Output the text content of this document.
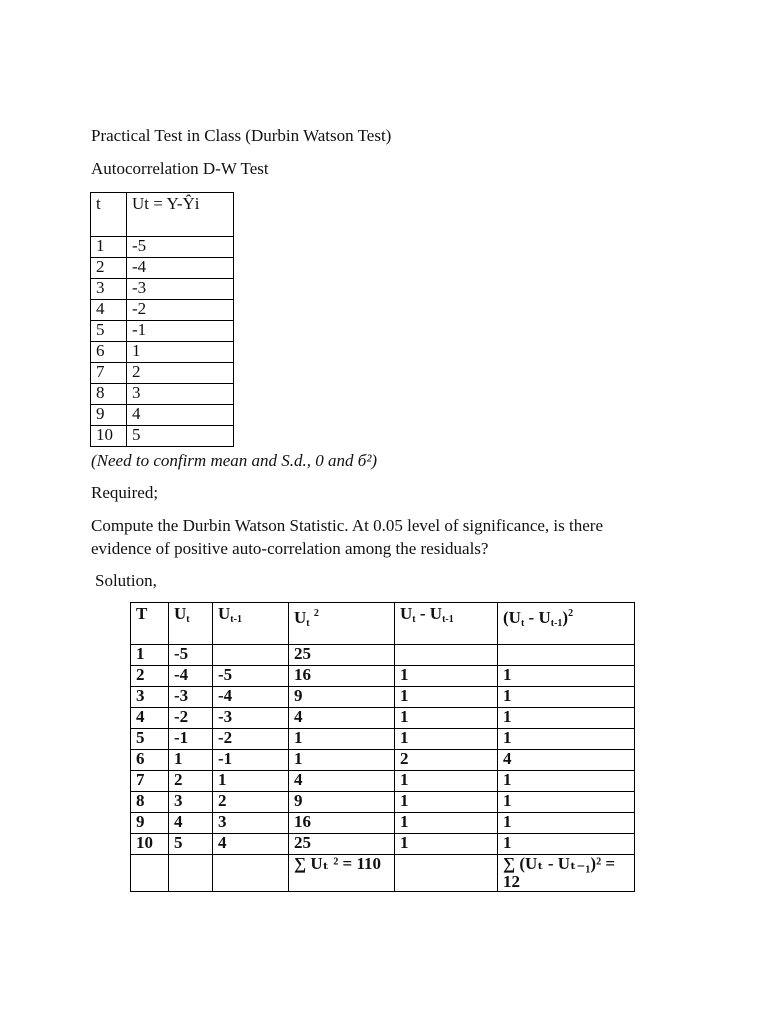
Practical Test in Class (Durbin Watson Test)
Autocorrelation D-W Test
t	Ut = Y-Ŷi
1	-5
2	-4
3	-3
4	-2
5	-1
6	1
7	2
8	3
9	4
10	5
(Need to confirm mean and S.d., 0 and б²)
Required;
Compute the Durbin Watson Statistic. At 0.05 level of significance, is there evidence of positive auto-correlation among the residuals?
Solution,
T	$U_t$	$U_{t-1}$	$U_t$ $^2$	$U_t - U_{t-1}$	$(U_t - U_{t-1})^2$
1	-5		25		
2	-4	-5	16	1	1
3	-3	-4	9	1	1
4	-2	-3	4	1	1
5	-1	-2	1	1	1
6	1	-1	1	2	4
7	2	1	4	1	1
8	3	2	9	1	1
9	4	3	16	1	1
10	5	4	25	1	1
			∑ Uₜ ² = 110		∑ (Uₜ - Uₜ₋₁)² = 12
